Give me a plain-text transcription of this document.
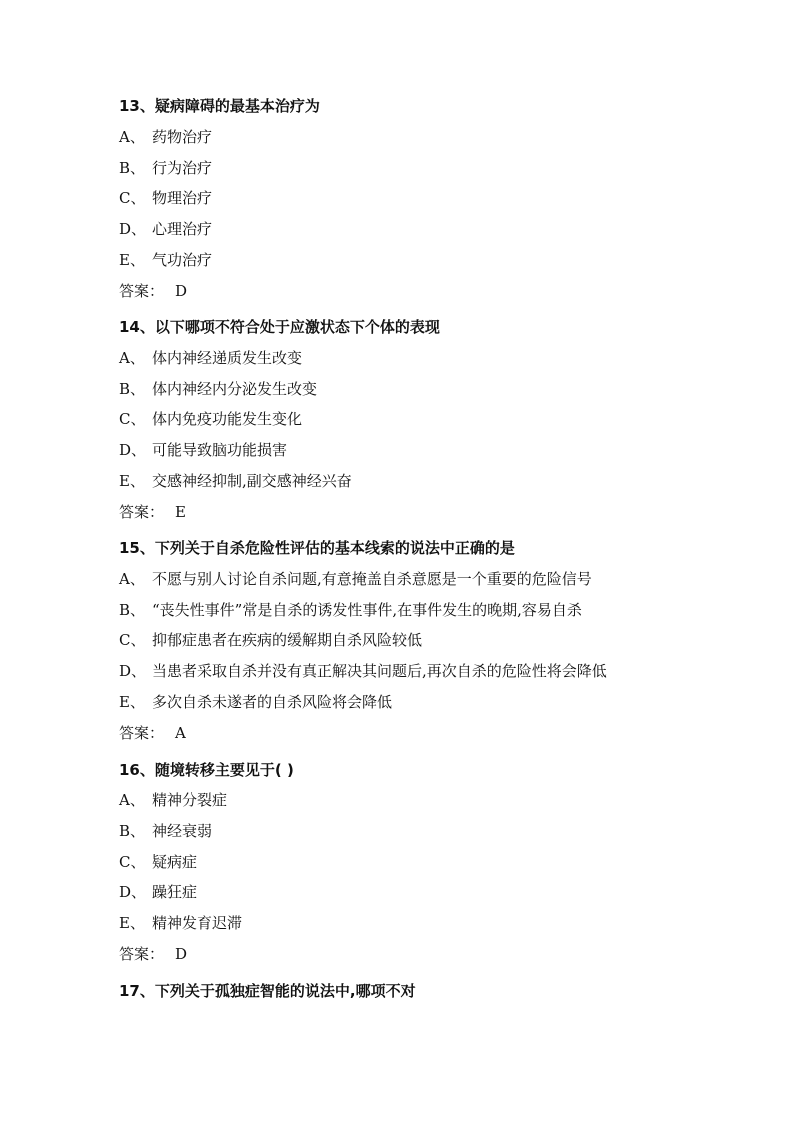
13、疑病障碍的最基本治疗为
A、 药物治疗
B、 行为治疗
C、 物理治疗
D、 心理治疗
E、 气功治疗
答案： D
14、以下哪项不符合处于应激状态下个体的表现
A、 体内神经递质发生改变
B、 体内神经内分泌发生改变
C、 体内免疫功能发生变化
D、 可能导致脑功能损害
E、 交感神经抑制,副交感神经兴奋
答案： E
15、下列关于自杀危险性评估的基本线索的说法中正确的是
A、 不愿与别人讨论自杀问题,有意掩盖自杀意愿是一个重要的危险信号
B、 “丧失性事件”常是自杀的诱发性事件,在事件发生的晚期,容易自杀
C、 抑郁症患者在疾病的缓解期自杀风险较低
D、 当患者采取自杀并没有真正解决其问题后,再次自杀的危险性将会降低
E、 多次自杀未遂者的自杀风险将会降低
答案： A
16、随境转移主要见于( )
A、 精神分裂症
B、 神经衰弱
C、 疑病症
D、 躁狂症
E、 精神发育迟滞
答案： D
17、下列关于孤独症智能的说法中,哪项不对
